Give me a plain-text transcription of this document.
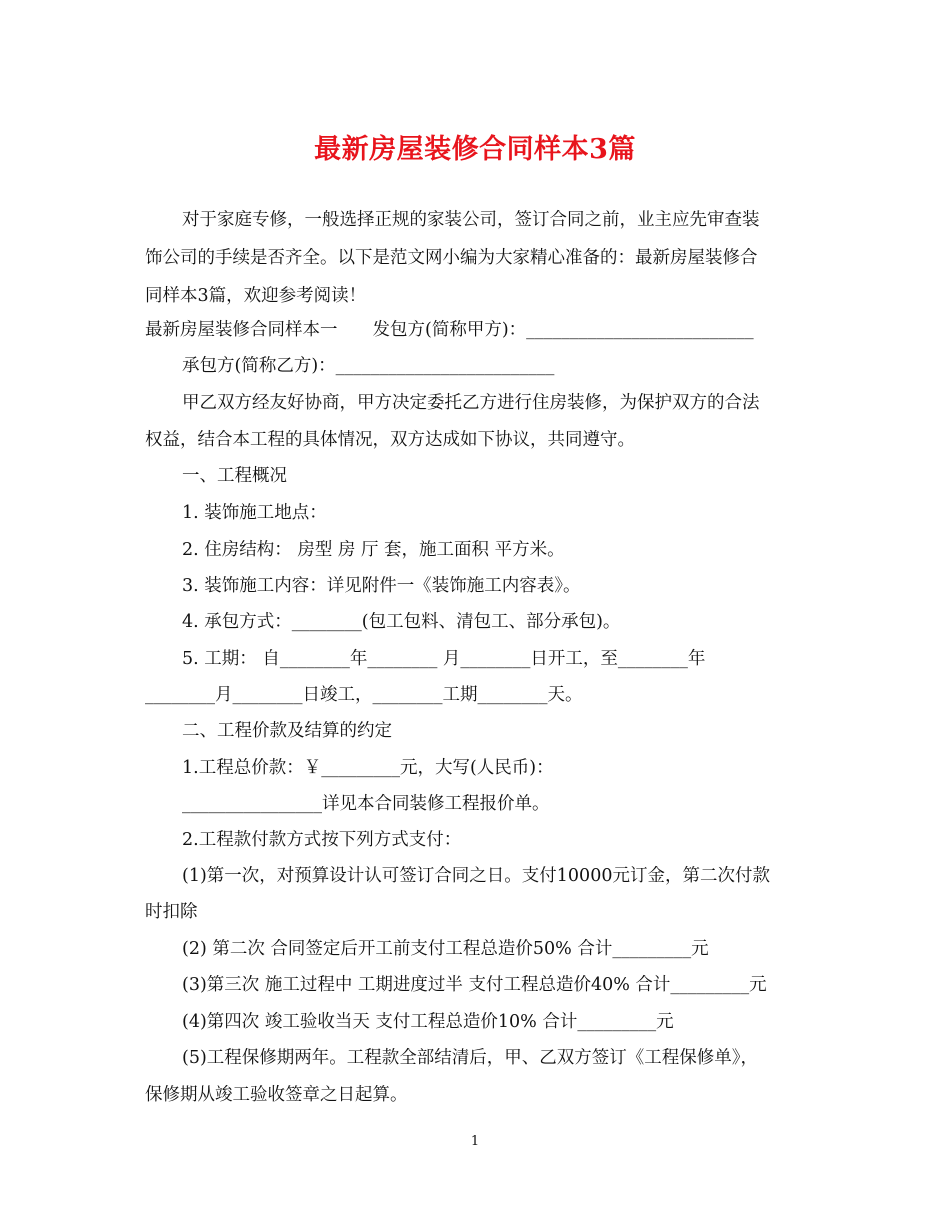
最新房屋装修合同样本3篇
对于家庭专修，一般选择正规的家装公司，签订合同之前，业主应先审查装
饰公司的手续是否齐全。以下是范文网小编为大家精心准备的：最新房屋装修合
同样本3篇，欢迎参考阅读！
最新房屋装修合同样本一　　发包方(简称甲方)：__________________________
承包方(简称乙方)：_________________________
甲乙双方经友好协商，甲方决定委托乙方进行住房装修，为保护双方的合法
权益，结合本工程的具体情况，双方达成如下协议，共同遵守。
一、工程概况
1. 装饰施工地点：
2. 住房结构： 房型 房 厅 套，施工面积 平方米。
3. 装饰施工内容：详见附件一《装饰施工内容表》。
4. 承包方式：________(包工包料、清包工、部分承包)。
5. 工期： 自________年________ 月________日开工，至________年
________月________日竣工，________工期________天。
二、工程价款及结算的约定
1.工程总价款：￥_________元，大写(人民币)：
________________详见本合同装修工程报价单。
2.工程款付款方式按下列方式支付：
(1)第一次，对预算设计认可签订合同之日。支付10000元订金，第二次付款
时扣除
(2) 第二次 合同签定后开工前支付工程总造价50% 合计_________元
(3)第三次 施工过程中 工期进度过半 支付工程总造价40% 合计_________元
(4)第四次 竣工验收当天 支付工程总造价10% 合计_________元
(5)工程保修期两年。工程款全部结清后，甲、乙双方签订《工程保修单》，
保修期从竣工验收签章之日起算。
1
